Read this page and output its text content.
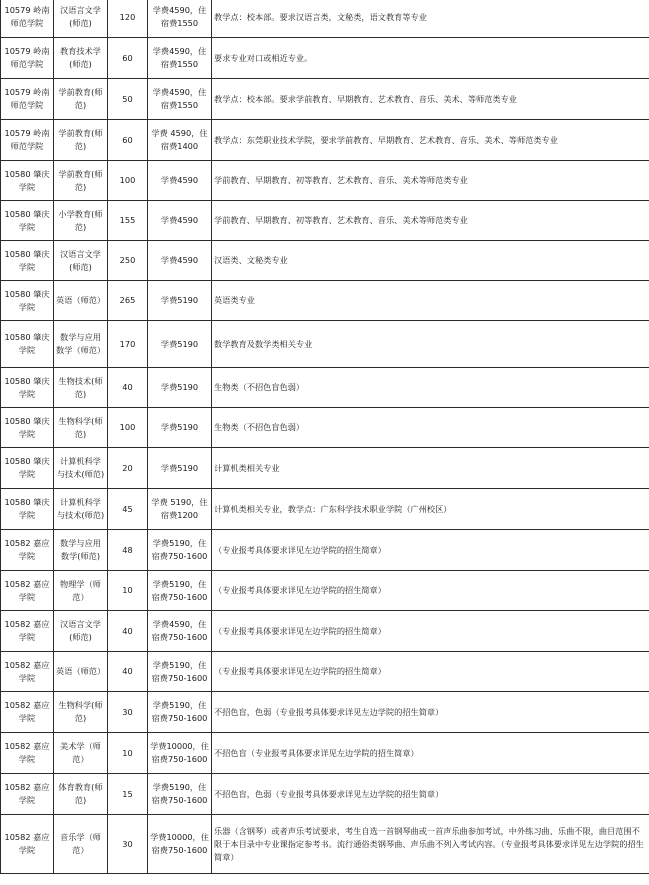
10579 岭南师范学院	汉语言文学(师范)	120	学费4590，住宿费1550	教学点：校本部。要求汉语言类，文秘类，语文教育等专业
10579 岭南师范学院	教育技术学(师范)	60	学费4590，住宿费1550	要求专业对口或相近专业。
10579 岭南师范学院	学前教育(师范)	50	学费4590，住宿费1550	教学点：校本部。要求学前教育、早期教育、艺术教育、音乐、美术、等师范类专业
10579 岭南师范学院	学前教育(师范)	60	学费 4590，住宿费1400	教学点：东莞职业技术学院，要求学前教育、早期教育、艺术教育、音乐、美术、等师范类专业
10580 肇庆学院	学前教育(师范)	100	学费4590	学前教育、早期教育、初等教育、艺术教育、音乐、美术等师范类专业
10580 肇庆学院	小学教育(师范)	155	学费4590	学前教育、早期教育、初等教育、艺术教育、音乐、美术等师范类专业
10580 肇庆学院	汉语言文学(师范)	250	学费4590	汉语类、文秘类专业
10580 肇庆学院	英语（师范）	265	学费5190	英语类专业
10580 肇庆学院	数学与应用数学（师范）	170	学费5190	数学教育及数学类相关专业
10580 肇庆学院	生物技术(师范)	40	学费5190	生物类（不招色盲色弱）
10580 肇庆学院	生物科学(师范)	100	学费5190	生物类（不招色盲色弱）
10580 肇庆学院	计算机科学与技术(师范)	20	学费5190	计算机类相关专业
10580 肇庆学院	计算机科学与技术(师范)	45	学费 5190，住宿费1200	计算机类相关专业，教学点：广东科学技术职业学院（广州校区）
10582 嘉应学院	数学与应用数学(师范)	48	学费5190，住宿费750-1600	（专业报考具体要求详见左边学院的招生简章）
10582 嘉应学院	物理学（师范）	10	学费5190，住宿费750-1600	（专业报考具体要求详见左边学院的招生简章）
10582 嘉应学院	汉语言文学(师范)	40	学费4590，住宿费750-1600	（专业报考具体要求详见左边学院的招生简章）
10582 嘉应学院	英语（师范）	40	学费5190，住宿费750-1600	（专业报考具体要求详见左边学院的招生简章）
10582 嘉应学院	生物科学(师范)	30	学费5190，住宿费750-1600	不招色盲，色弱（专业报考具体要求详见左边学院的招生简章）
10582 嘉应学院	美术学（师范）	10	学费10000，住宿费750-1600	不招色盲（专业报考具体要求详见左边学院的招生简章）
10582 嘉应学院	体育教育(师范)	15	学费5190，住宿费750-1600	不招色盲，色弱（专业报考具体要求详见左边学院的招生简章）
10582 嘉应学院	音乐学（师范）	30	学费10000，住宿费750-1600	乐器（含钢琴）或者声乐考试要求，考生自选一首钢琴曲或一首声乐曲参加考试，中外练习曲、乐曲不限，曲目范围不限于本目录中专业课指定参考书。流行通俗类钢琴曲、声乐曲不列入考试内容。（专业报考具体要求详见左边学院的招生简章）
